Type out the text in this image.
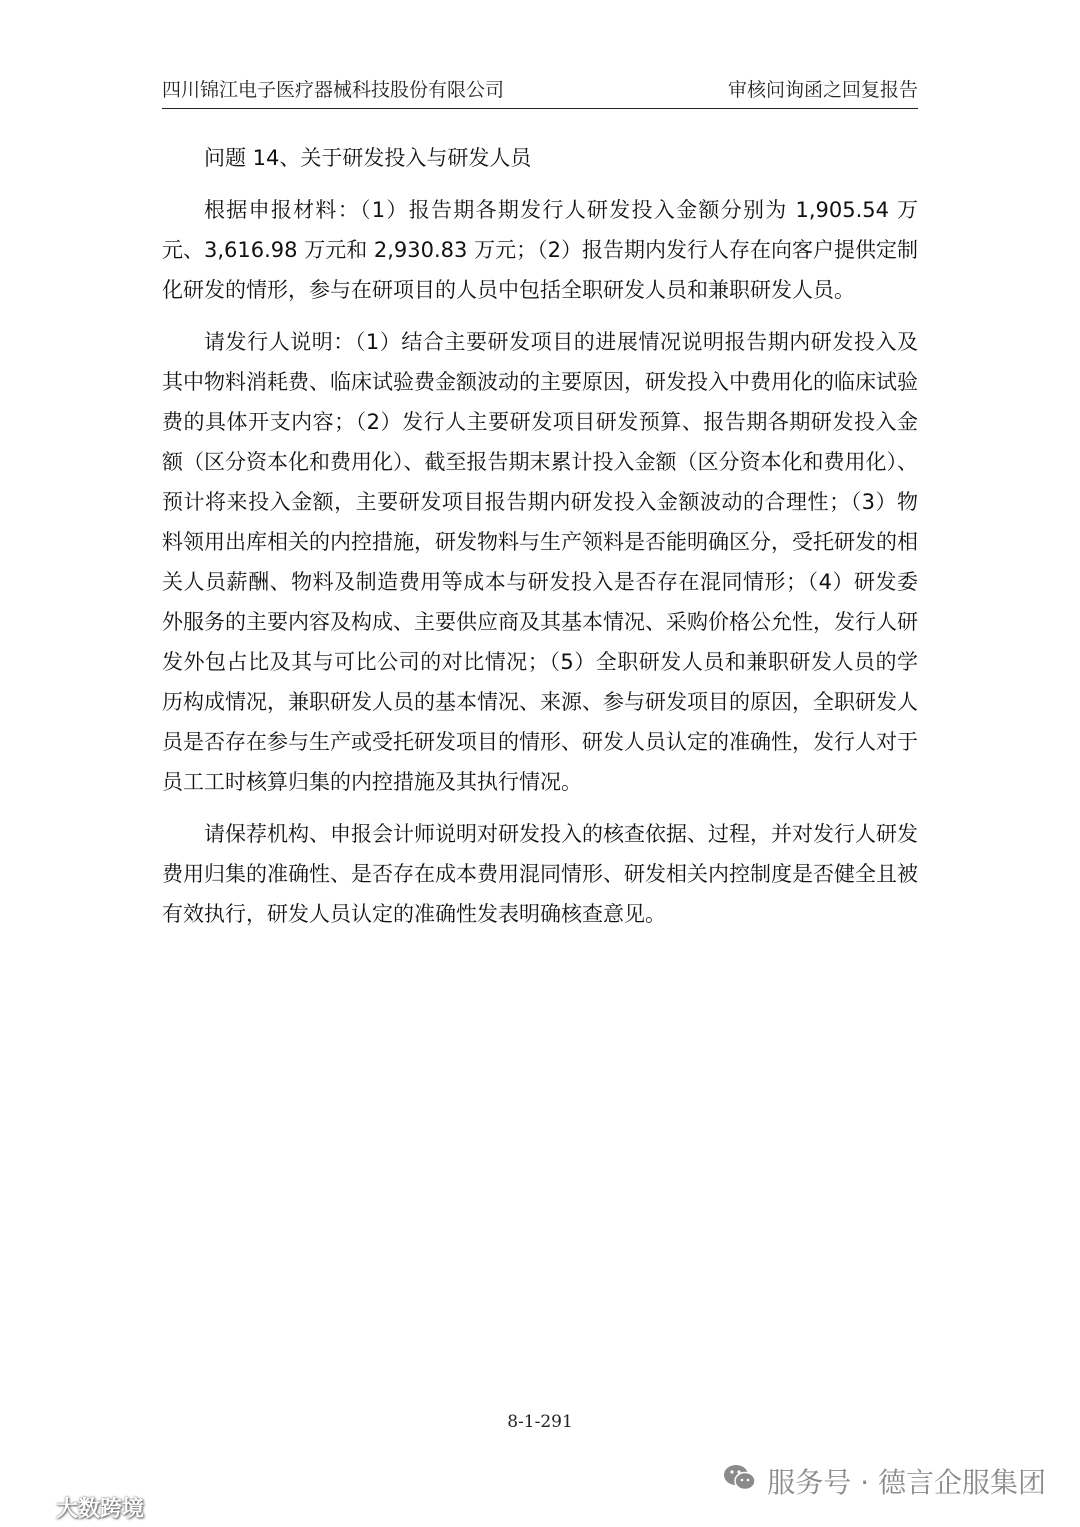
四川锦江电子医疗器械科技股份有限公司	审核问询函之回复报告

问题 14、关于研发投入与研发人员

根据申报材料：（1）报告期各期发行人研发投入金额分别为 1,905.54 万元、3,616.98 万元和 2,930.83 万元；（2）报告期内发行人存在向客户提供定制化研发的情形，参与在研项目的人员中包括全职研发人员和兼职研发人员。

请发行人说明：（1）结合主要研发项目的进展情况说明报告期内研发投入及其中物料消耗费、临床试验费金额波动的主要原因，研发投入中费用化的临床试验费的具体开支内容；（2）发行人主要研发项目研发预算、报告期各期研发投入金额（区分资本化和费用化）、截至报告期末累计投入金额（区分资本化和费用化）、预计将来投入金额，主要研发项目报告期内研发投入金额波动的合理性；（3）物料领用出库相关的内控措施，研发物料与生产领料是否能明确区分，受托研发的相关人员薪酬、物料及制造费用等成本与研发投入是否存在混同情形；（4）研发委外服务的主要内容及构成、主要供应商及其基本情况、采购价格公允性，发行人研发外包占比及其与可比公司的对比情况；（5）全职研发人员和兼职研发人员的学历构成情况，兼职研发人员的基本情况、来源、参与研发项目的原因，全职研发人员是否存在参与生产或受托研发项目的情形、研发人员认定的准确性，发行人对于员工工时核算归集的内控措施及其执行情况。

请保荐机构、申报会计师说明对研发投入的核查依据、过程，并对发行人研发费用归集的准确性、是否存在成本费用混同情形、研发相关内控制度是否健全且被有效执行，研发人员认定的准确性发表明确核查意见。

8-1-291
服务号 · 德言企服集团
大数跨境
